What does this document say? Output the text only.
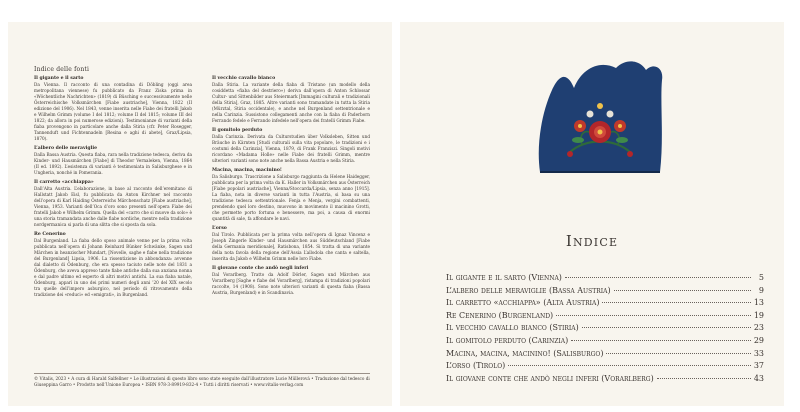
Indice delle fonti
Il gigante e il sarto
Da Vienna. Il racconto di una contadina di Döbling (oggi area metropolitana viennese) fu pubblicato da Franz Ziska prima in «Wöchentliche Nachrichten» (1819) di Büsching e successivamente nelle Österreichische Volksmärchen [Fiabe austriache], Vienna, 1822 (II edizione del 1906). Nel 1843, venne inserita nelle Fiabe dei fratelli Jakob e Wilhelm Grimm (volume I del 1812; volume II del 1815; volume III del 1822; da allora in poi numerose edizioni). Testimonianze di varianti della fiaba provengono in particolare anche dalla Stiria (cfr. Peter Rosegger, Tannenduft und Fichtennadeln [Resina e aghi di abete], Graz/Lipsia, 1870).
L’albero delle meraviglie
Dalla Bassa Austria. Questa fiaba, rara nella tradizione tedesca, deriva da Kinder- und Hausmärchen [Fiabe] di Theodor Vernaleken, Vienna, 1864 (II ed. 1892). L’esistenza di varianti è testimoniata in Salisburghese e in Ungheria, nonché in Pomerania.
Il carretto «acchiappa»
Dall’Alta Austria. L’elaborazione, in base al racconto dell’eremitano di Hallstatt Jakob Eisl, fu pubblicata da Anton Kirchner nel racconto dell’opera di Karl Haiding Österreichs Märchenschatz [Fiabe austriache], Vienna, 1953. Varianti dell’Oca d’oro sono presenti nell’opera Fiabe dei fratelli Jakob e Wilhelm Grimm. Quella del «carro che si muove da solo» è una storia tramandata anche dalle fiabe nordiche, mentre nella tradizione nordgermanica si parla di una slitta che si sposta da sola.
Re Cenerino
Dal Burgenland. La fiaba dello sposo animale venne per la prima volta pubblicata nell’opera di Johann Reinhard Bünker Schwänke, Sagen und Märchen in heanzischer Mundart, [Novelle, saghe e fiabe nella tradizione del Burgenland] Lipsia, 1906. La rissentizione in abbondanza: avvenne dal dialetto di Ödenburg, che era spesso taciuto nelle note del 1831 a Ödenburg, che aveva appreso tante fiabe antiche dalla sua anziana nonna e dal padre ultimo ed esperto di altri motivi antichi. La sua fiaba natale, Ödenburg, apparì in uno dei primi numeri degli anni ’20 del XIX secolo tra quelle dell’impero asburgico, nel periodo di ritrovamento della tradizione dei «reduci» ed «emigrati», in Burgenland.
Il vecchio cavallo bianco
Dalla Stiria. La variante della fiaba di Tristano (un modello della cosiddetta «fiaba del destriero») deriva dall’opera di Anton Schlossar Cultur- und Sittenbilder aus Steiermark [Immagini culturali e tradizionali della Stiria], Graz, 1885. Altre varianti sono tramandate in tutta la Stiria (Mürztal, Stiria occidentale), e anche nel Burgenland settentrionale e nella Carinzia. Sussistono collegamenti anche con la fiaba di Paderborn Ferrando fedele e Ferrando infedele nell’opera dei fratelli Grimm Fiabe.
Il gomitolo perduto
Dalla Carinzia. Derivata da Culturstudien über Volksleben, Sitten und Bräuche in Kärnten [Studi culturali sulla vita popolare, le tradizioni e i costumi della Carinzia], Vienna, 1879, di Frank Franziszi. Singoli motivi ricordano «Madama Holle» nelle Fiabe dei fratelli Grimm, mentre ulteriori varianti sono note anche nella Bassa Austria e nella Stiria.
Macina, macina, macinino!
Da Salisburgo. Trascrizione a Salisburgo raggiunta da Helene Haidegger, pubblicata per la prima volta da K. Haller in Volksmärchen aus Österreich [Fiabe popolari austriache], Vienna/Stoccarda/Lipsia, senza anno [1915]. La fiaba, nota in diverse varianti in tutta l’Austria, si basa su una tradizione tedesca settentrionale. Fenja e Menja, vergini combattenti, prendendo quel loro destino, muovono in movimento il macinino Grotti, che permette porto fortuna e benessere, ma poi, a causa di enormi quantità di sale, fa affondare le navi.
L’orso
Dal Tirolo. Pubblicata per la prima volta nell’opera di Ignaz Vincenz e Joseph Zingerle Kinder- und Hausmärchen aus Süddeutschland [Fiabe della Germania meridionale], Ratisbona, 1854. Si tratta di una variante della nota favola della regione dell’Assia L’allodola che canta e saltella, inserita da Jakob e Wilhelm Grimm nelle loro Fiabe.
Il giovane conte che andò negli inferi
Dal Vorarlberg. Tratto da Adolf Dörler, Sagen und Märchen aus Vorarlberg [Saghe e fiabe del Vorarlberg], ristampa di tradizioni popolari raccolte, 14 (1908). Sono note ulteriori varianti di questa fiaba (Bassa Austria, Burgenland) e in Scandinavia.
© Vitalis, 2023 • A cura di Harald Salfellner • Le illustrazioni di questo libro sono state eseguite dall’illustratore Lucie Müllerová • Traduzione dal tedesco di Giuseppina Garro • Prodotto nell’Unione Europea • ISBN 978-3-89919-832-4 • Tutti i diritti riservati • www.vitalis-verlag.com
Indice
Il gigante e il sarto (Vienna)	5
L’albero delle meraviglie (Bassa Austria)	9
Il carretto «acchiappa» (Alta Austria)	13
Re Cenerino (Burgenland)	19
Il vecchio cavallo bianco (Stiria)	23
Il gomitolo perduto (Carinzia)	29
Macina, macina, macinino! (Salisburgo)	33
L’orso (Tirolo)	37
Il giovane conte che andò negli inferi (Vorarlberg)	43
